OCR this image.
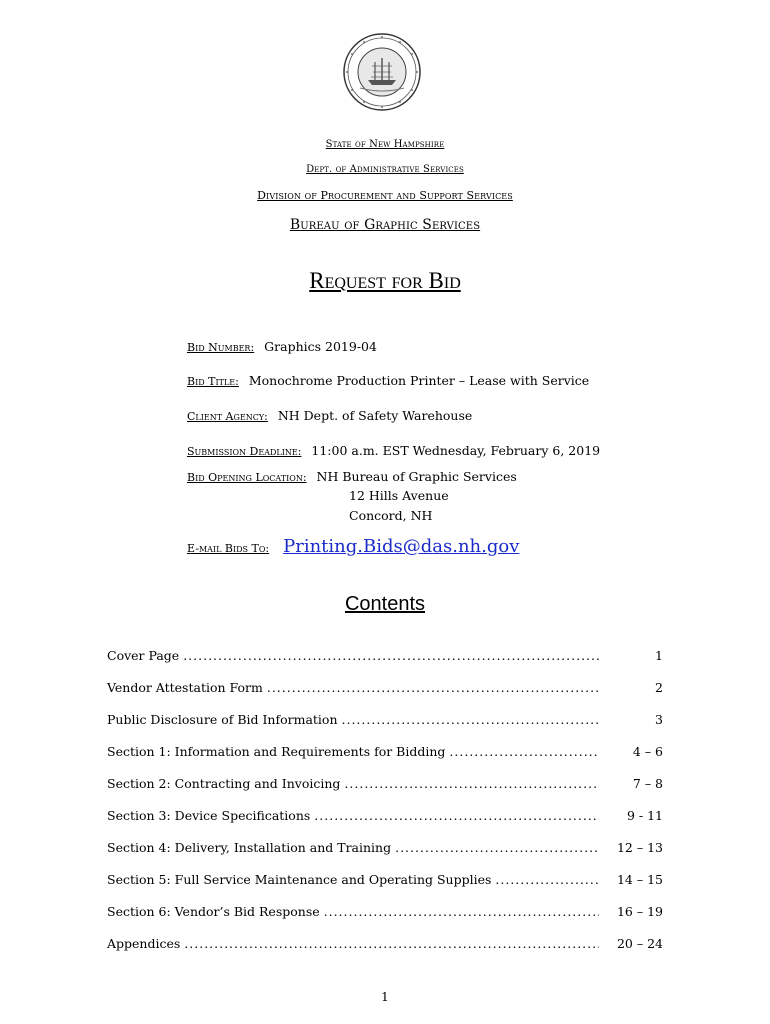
State of New Hampshire
Dept. of Administrative Services
Division of Procurement and Support Services
Bureau of Graphic Services
Request for Bid
Bid Number: Graphics 2019-04
Bid Title: Monochrome Production Printer – Lease with Service
Client Agency: NH Dept. of Safety Warehouse
Submission Deadline: 11:00 a.m. EST Wednesday, February 6, 2019
Bid Opening Location: NH Bureau of Graphic Services
12 Hills Avenue
Concord, NH
E-mail Bids To: Printing.Bids@das.nh.gov
Contents
Cover Page .....	1
Vendor Attestation Form .....	2
Public Disclosure of Bid Information .....	3
Section 1: Information and Requirements for Bidding .....	4 – 6
Section 2: Contracting and Invoicing .....	7 – 8
Section 3: Device Specifications .....	9 - 11
Section 4: Delivery, Installation and Training .....	12 – 13
Section 5: Full Service Maintenance and Operating Supplies .....	14 – 15
Section 6: Vendor’s Bid Response .....	16 – 19
Appendices .....	20 – 24
1
